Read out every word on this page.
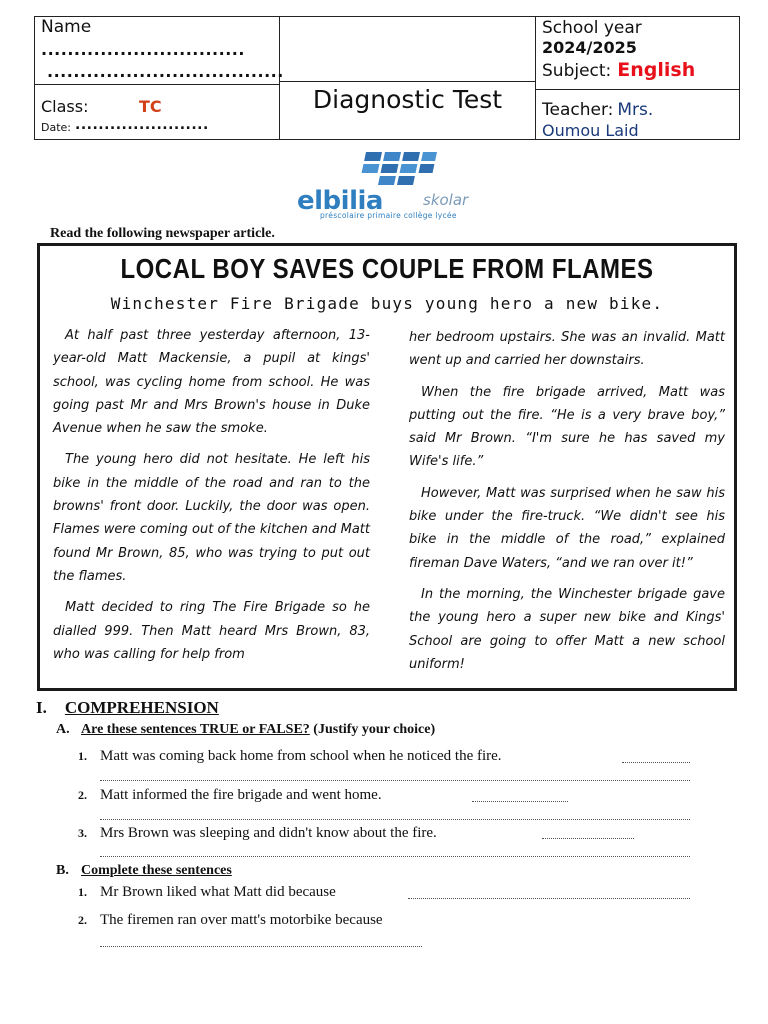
Name
...............................
....................................
Class:	TC
Date: .......................
Diagnostic Test
School year
2024/2025
Subject: English
Teacher: Mrs.
Oumou Laid
elbilia	skolar
préscolaire primaire collège lycée
Read the following newspaper article.
LOCAL BOY SAVES COUPLE FROM FLAMES
Winchester Fire Brigade buys young hero a new bike.

At half past three yesterday afternoon, 13-year-old Matt Mackensie, a pupil at kings' school, was cycling home from school. He was going past Mr and Mrs Brown's house in Duke Avenue when he saw the smoke.

The young hero did not hesitate. He left his bike in the middle of the road and ran to the browns' front door. Luckily, the door was open. Flames were coming out of the kitchen and Matt found Mr Brown, 85, who was trying to put out the flames.

Matt decided to ring The Fire Brigade so he dialled 999. Then Matt heard Mrs Brown, 83, who was calling for help from

her bedroom upstairs. She was an invalid. Matt went up and carried her downstairs.

When the fire brigade arrived, Matt was putting out the fire. “He is a very brave boy,” said Mr Brown. “I'm sure he has saved my Wife's life.”

However, Matt was surprised when he saw his bike under the fire-truck. “We didn't see his bike in the middle of the road,” explained fireman Dave Waters, “and we ran over it!”

In the morning, the Winchester brigade gave the young hero a super new bike and Kings' School are going to offer Matt a new school uniform!

I. COMPREHENSION
A. Are these sentences TRUE or FALSE? (Justify your choice)
1. Matt was coming back home from school when he noticed the fire.
2. Matt informed the fire brigade and went home.
3. Mrs Brown was sleeping and didn't know about the fire.
B. Complete these sentences
1. Mr Brown liked what Matt did because
2. The firemen ran over matt's motorbike because
